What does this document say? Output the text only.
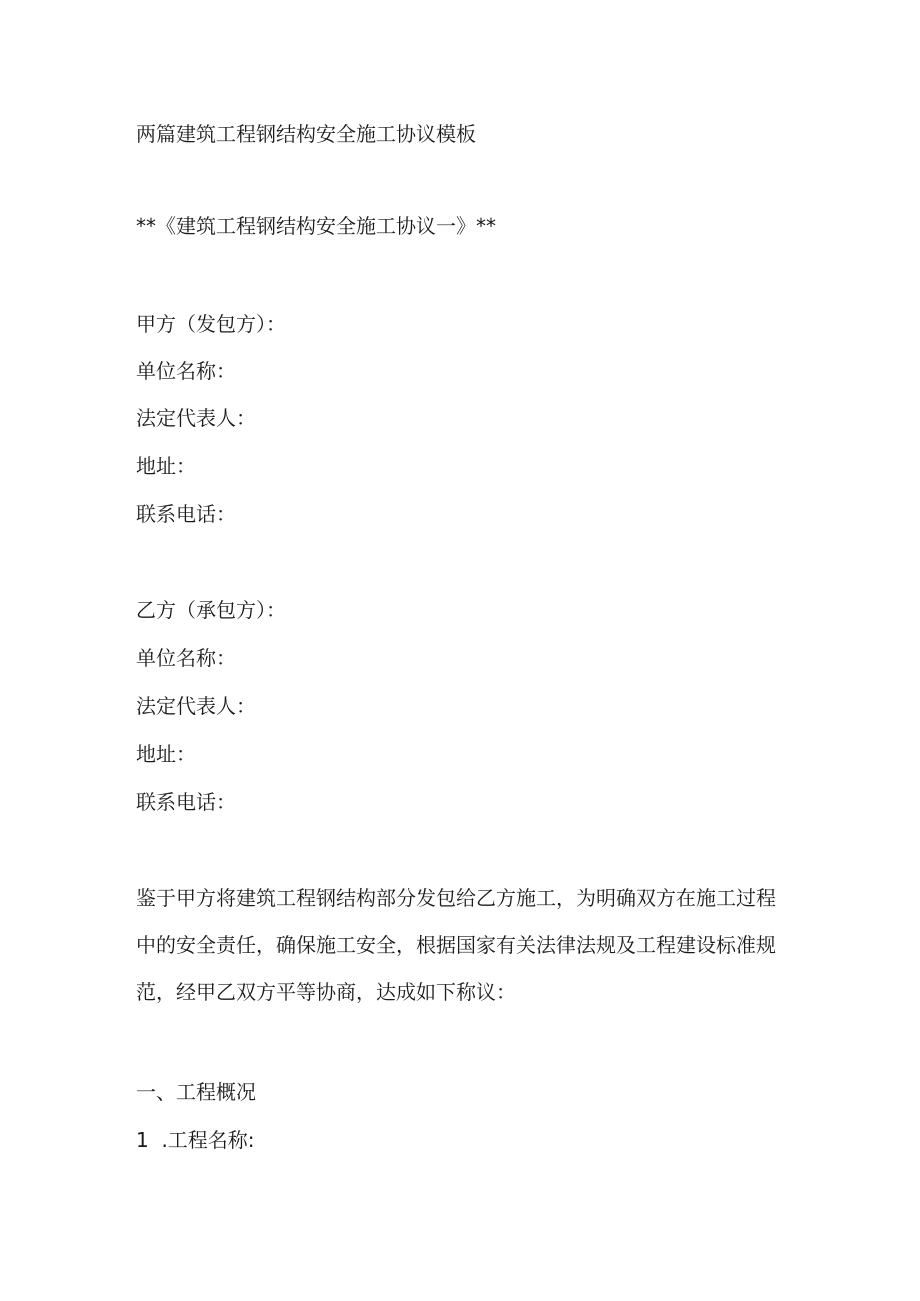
两篇建筑工程钢结构安全施工协议模板
**《建筑工程钢结构安全施工协议一》**
甲方（发包方）：
单位名称：
法定代表人：
地址：
联系电话：
乙方（承包方）：
单位名称：
法定代表人：
地址：
联系电话：
鉴于甲方将建筑工程钢结构部分发包给乙方施工，为明确双方在施工过程
中的安全责任，确保施工安全，根据国家有关法律法规及工程建设标准规
范，经甲乙双方平等协商，达成如下称议：
一、工程概况
1  .工程名称:
